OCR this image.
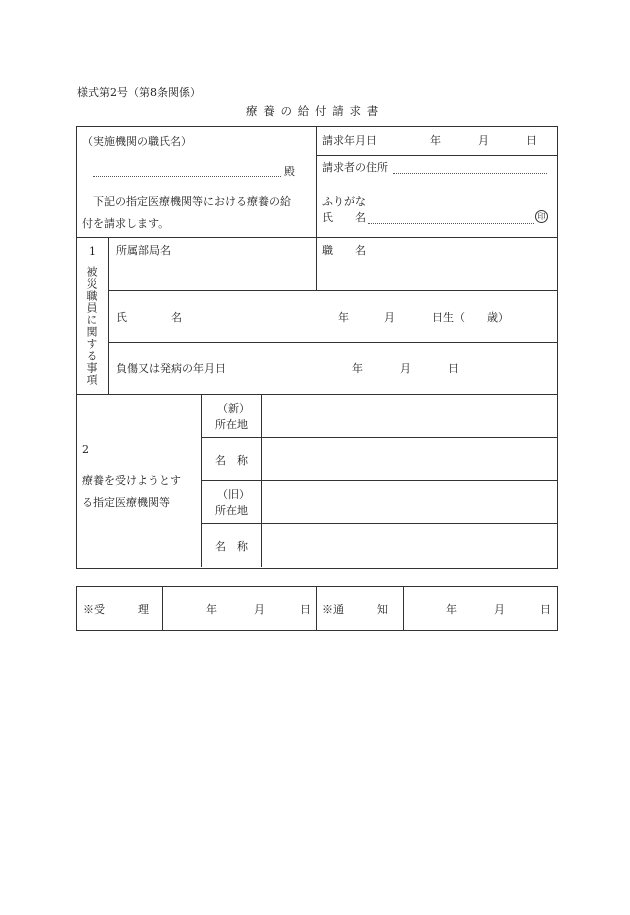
様式第2号（第8条関係）
療養の給付請求書
（実施機関の職氏名）
殿
下記の指定医療機関等における療養の給
付を請求します。
請求年月日	年	月	日
請求者の住所
ふりがな
氏　　名	印
1
被災職員に関する事項
所属部局名	職　　名
氏　　　　名	年	月	日生（　　歳）
負傷又は発病の年月日	年	月	日
2
療養を受けようとす
る指定医療機関等
（新）
所在地
名　称
（旧）
所在地
名　称
※受　　　理	年	月	日 ※通　　　知	年	月	日
